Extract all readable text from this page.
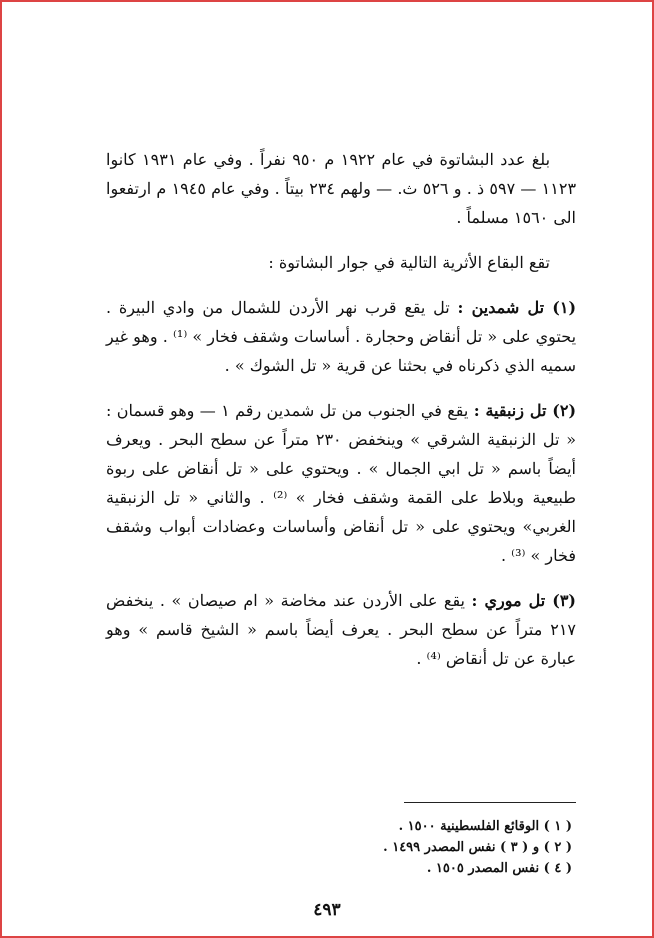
بلغ عدد البشاتوة في عام ١٩٢٢ م ٩٥٠ نفراً . وفي عام ١٩٣١ كانوا ١١٢٣ — ٥٩٧ ذ . و ٥٢٦ ث. — ولهم ٢٣٤ بيتاً . وفي عام ١٩٤٥ م ارتفعوا الى ١٥٦٠ مسلماً .

تقع البقاع الأثرية التالية في جوار البشاتوة :

(١) تل شمدين : تل يقع قرب نهر الأردن للشمال من وادي البيرة . يحتوي على « تل أنقاض وحجارة . أساسات وشقف فخار » ⁽¹⁾ . وهو غير سميه الذي ذكرناه في بحثنا عن قرية « تل الشوك » .

(٢) تل زنبقية : يقع في الجنوب من تل شمدين رقم ١ — وهو قسمان : « تل الزنبقية الشرقي » وينخفض ٢٣٠ متراً عن سطح البحر . ويعرف أيضاً باسم « تل ابي الجمال » . ويحتوي على « تل أنقاض على ربوة طبيعية وبلاط على القمة وشقف فخار » ⁽²⁾ . والثاني « تل الزنبقية الغربي» ويحتوي على « تل أنقاض وأساسات وعضادات أبواب وشقف فخار » ⁽³⁾ .

(٣) تل موري : يقع على الأردن عند مخاضة « ام صيصان » . ينخفض ٢١٧ متراً عن سطح البحر . يعرف أيضاً باسم « الشيخ قاسم » وهو عبارة عن تل أنقاض ⁽⁴⁾ .

( ١ ) الوقائع الفلسطينية ١٥٠٠ .

( ٢ ) و ( ٣ ) نفس المصدر ١٤٩٩ .

( ٤ ) نفس المصدر ١٥٠٥ .

٤٩٣
